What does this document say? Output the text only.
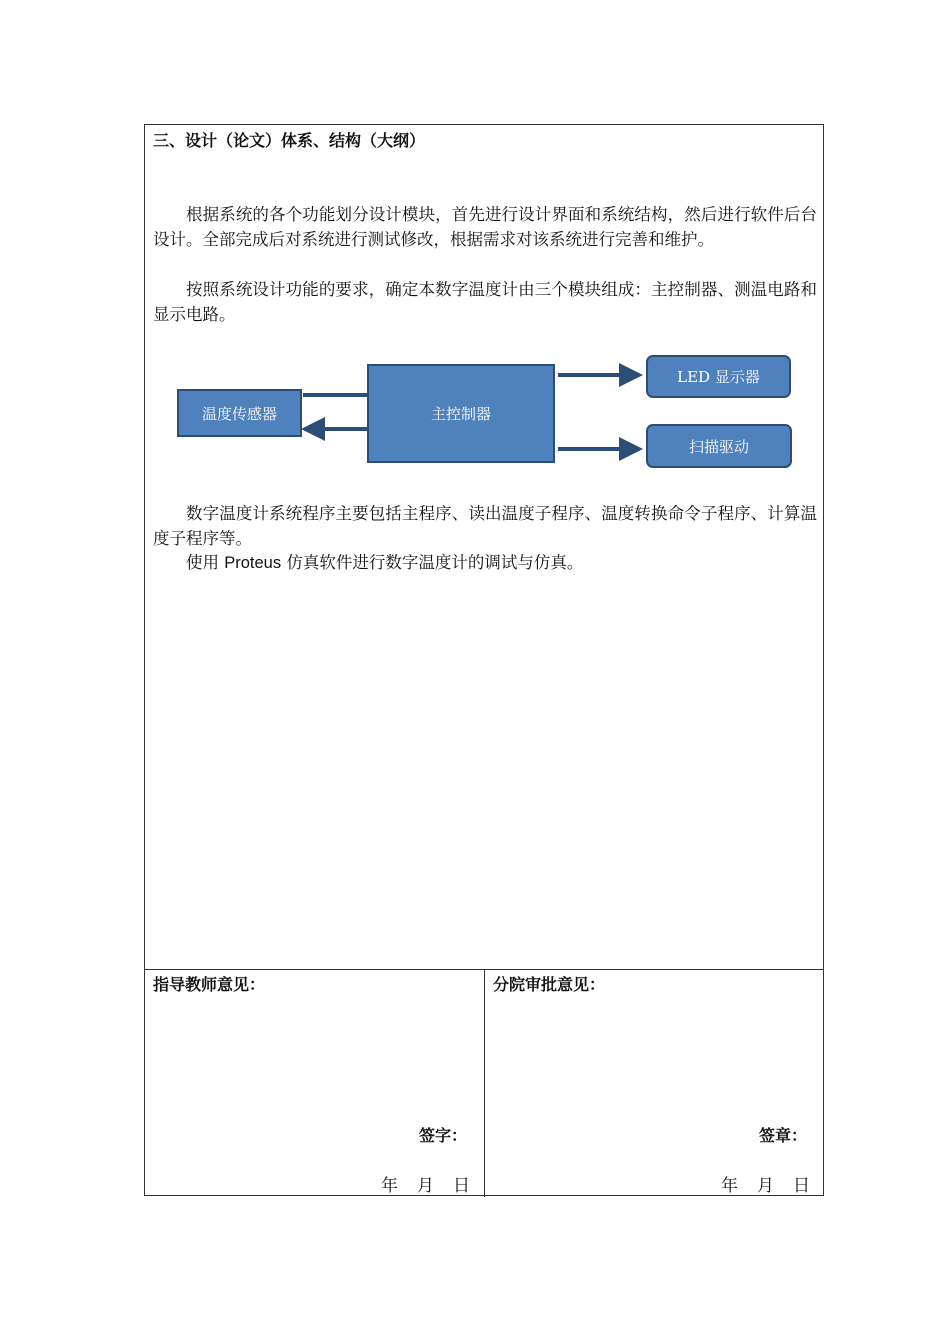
三、设计（论文）体系、结构（大纲）

根据系统的各个功能划分设计模块，首先进行设计界面和系统结构，然后进行软件后台设计。全部完成后对系统进行测试修改，根据需求对该系统进行完善和维护。

按照系统设计功能的要求，确定本数字温度计由三个模块组成：主控制器、测温电路和显示电路。

温度传感器	主控制器
LED 显示器
扫描驱动

数字温度计系统程序主要包括主程序、读出温度子程序、温度转换命令子程序、计算温度子程序等。

使用 Proteus 仿真软件进行数字温度计的调试与仿真。

指导教师意见：
签字：
年 月 日
分院审批意见：
签章：
年 月 日
